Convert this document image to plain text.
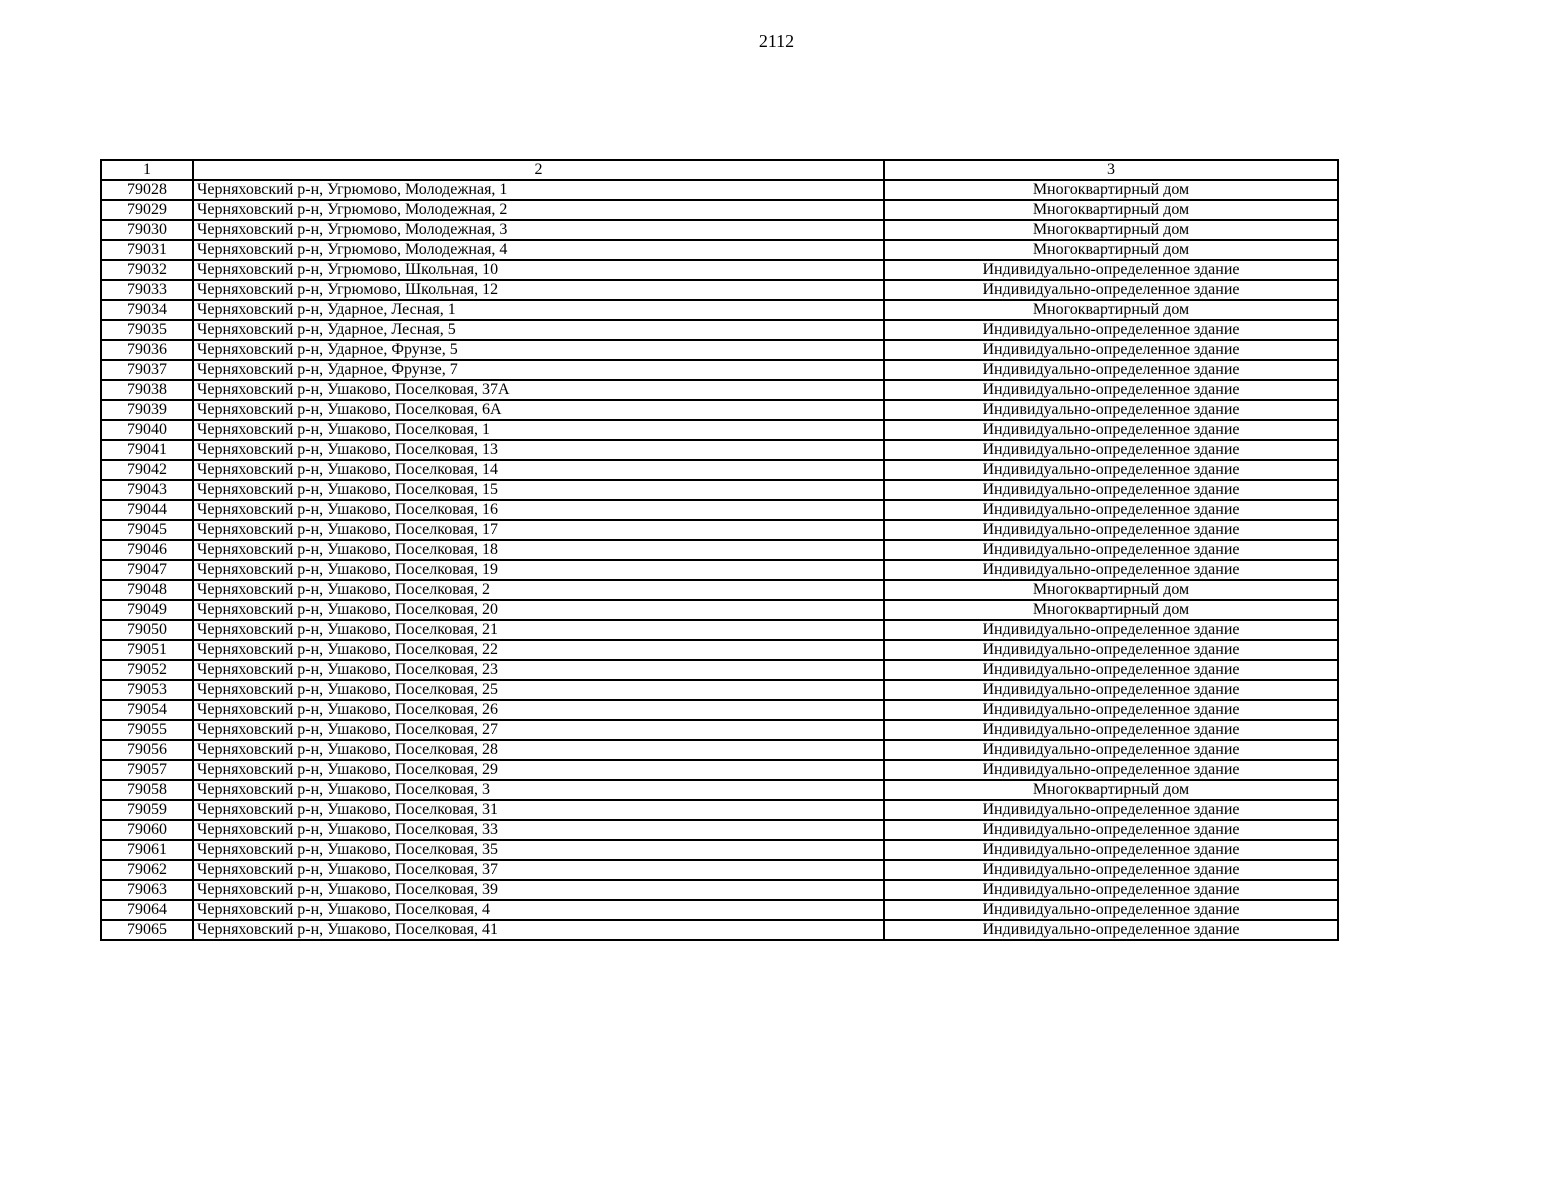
2112
1	2	3
79028	Черняховский р-н, Угрюмово, Молодежная, 1	Многоквартирный дом
79029	Черняховский р-н, Угрюмово, Молодежная, 2	Многоквартирный дом
79030	Черняховский р-н, Угрюмово, Молодежная, 3	Многоквартирный дом
79031	Черняховский р-н, Угрюмово, Молодежная, 4	Многоквартирный дом
79032	Черняховский р-н, Угрюмово, Школьная, 10	Индивидуально-определенное здание
79033	Черняховский р-н, Угрюмово, Школьная, 12	Индивидуально-определенное здание
79034	Черняховский р-н, Ударное, Лесная, 1	Многоквартирный дом
79035	Черняховский р-н, Ударное, Лесная, 5	Индивидуально-определенное здание
79036	Черняховский р-н, Ударное, Фрунзе, 5	Индивидуально-определенное здание
79037	Черняховский р-н, Ударное, Фрунзе, 7	Индивидуально-определенное здание
79038	Черняховский р-н, Ушаково, Поселковая, 37А	Индивидуально-определенное здание
79039	Черняховский р-н, Ушаково, Поселковая, 6А	Индивидуально-определенное здание
79040	Черняховский р-н, Ушаково, Поселковая, 1	Индивидуально-определенное здание
79041	Черняховский р-н, Ушаково, Поселковая, 13	Индивидуально-определенное здание
79042	Черняховский р-н, Ушаково, Поселковая, 14	Индивидуально-определенное здание
79043	Черняховский р-н, Ушаково, Поселковая, 15	Индивидуально-определенное здание
79044	Черняховский р-н, Ушаково, Поселковая, 16	Индивидуально-определенное здание
79045	Черняховский р-н, Ушаково, Поселковая, 17	Индивидуально-определенное здание
79046	Черняховский р-н, Ушаково, Поселковая, 18	Индивидуально-определенное здание
79047	Черняховский р-н, Ушаково, Поселковая, 19	Индивидуально-определенное здание
79048	Черняховский р-н, Ушаково, Поселковая, 2	Многоквартирный дом
79049	Черняховский р-н, Ушаково, Поселковая, 20	Многоквартирный дом
79050	Черняховский р-н, Ушаково, Поселковая, 21	Индивидуально-определенное здание
79051	Черняховский р-н, Ушаково, Поселковая, 22	Индивидуально-определенное здание
79052	Черняховский р-н, Ушаково, Поселковая, 23	Индивидуально-определенное здание
79053	Черняховский р-н, Ушаково, Поселковая, 25	Индивидуально-определенное здание
79054	Черняховский р-н, Ушаково, Поселковая, 26	Индивидуально-определенное здание
79055	Черняховский р-н, Ушаково, Поселковая, 27	Индивидуально-определенное здание
79056	Черняховский р-н, Ушаково, Поселковая, 28	Индивидуально-определенное здание
79057	Черняховский р-н, Ушаково, Поселковая, 29	Индивидуально-определенное здание
79058	Черняховский р-н, Ушаково, Поселковая, 3	Многоквартирный дом
79059	Черняховский р-н, Ушаково, Поселковая, 31	Индивидуально-определенное здание
79060	Черняховский р-н, Ушаково, Поселковая, 33	Индивидуально-определенное здание
79061	Черняховский р-н, Ушаково, Поселковая, 35	Индивидуально-определенное здание
79062	Черняховский р-н, Ушаково, Поселковая, 37	Индивидуально-определенное здание
79063	Черняховский р-н, Ушаково, Поселковая, 39	Индивидуально-определенное здание
79064	Черняховский р-н, Ушаково, Поселковая, 4	Индивидуально-определенное здание
79065	Черняховский р-н, Ушаково, Поселковая, 41	Индивидуально-определенное здание
